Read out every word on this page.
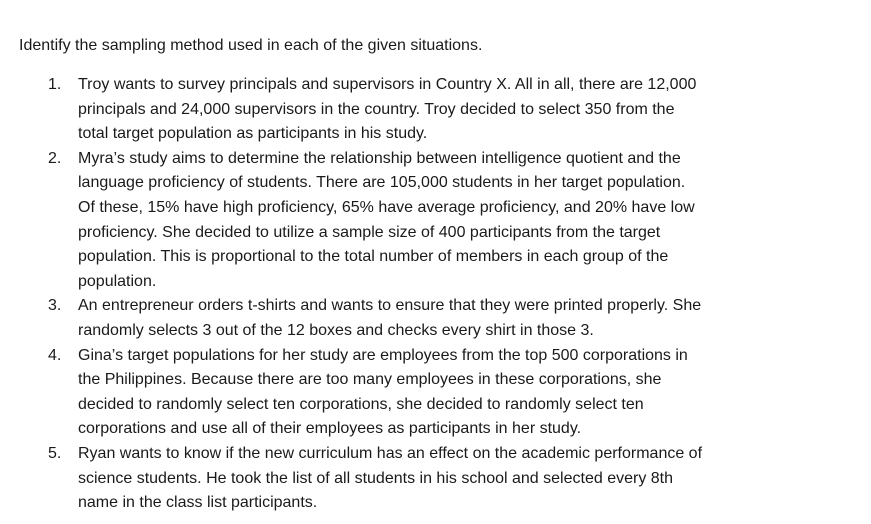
Identify the sampling method used in each of the given situations.

1.	Troy wants to survey principals and supervisors in Country X. All in all, there are 12,000
principals and 24,000 supervisors in the country. Troy decided to select 350 from the
total target population as participants in his study.
2.	Myra’s study aims to determine the relationship between intelligence quotient and the
language proficiency of students. There are 105,000 students in her target population.
Of these, 15% have high proficiency, 65% have average proficiency, and 20% have low
proficiency. She decided to utilize a sample size of 400 participants from the target
population. This is proportional to the total number of members in each group of the
population.
3.	An entrepreneur orders t-shirts and wants to ensure that they were printed properly. She
randomly selects 3 out of the 12 boxes and checks every shirt in those 3.
4.	Gina’s target populations for her study are employees from the top 500 corporations in
the Philippines. Because there are too many employees in these corporations, she
decided to randomly select ten corporations, she decided to randomly select ten
corporations and use all of their employees as participants in her study.
5.	Ryan wants to know if the new curriculum has an effect on the academic performance of
science students. He took the list of all students in his school and selected every 8th
name in the class list participants.
